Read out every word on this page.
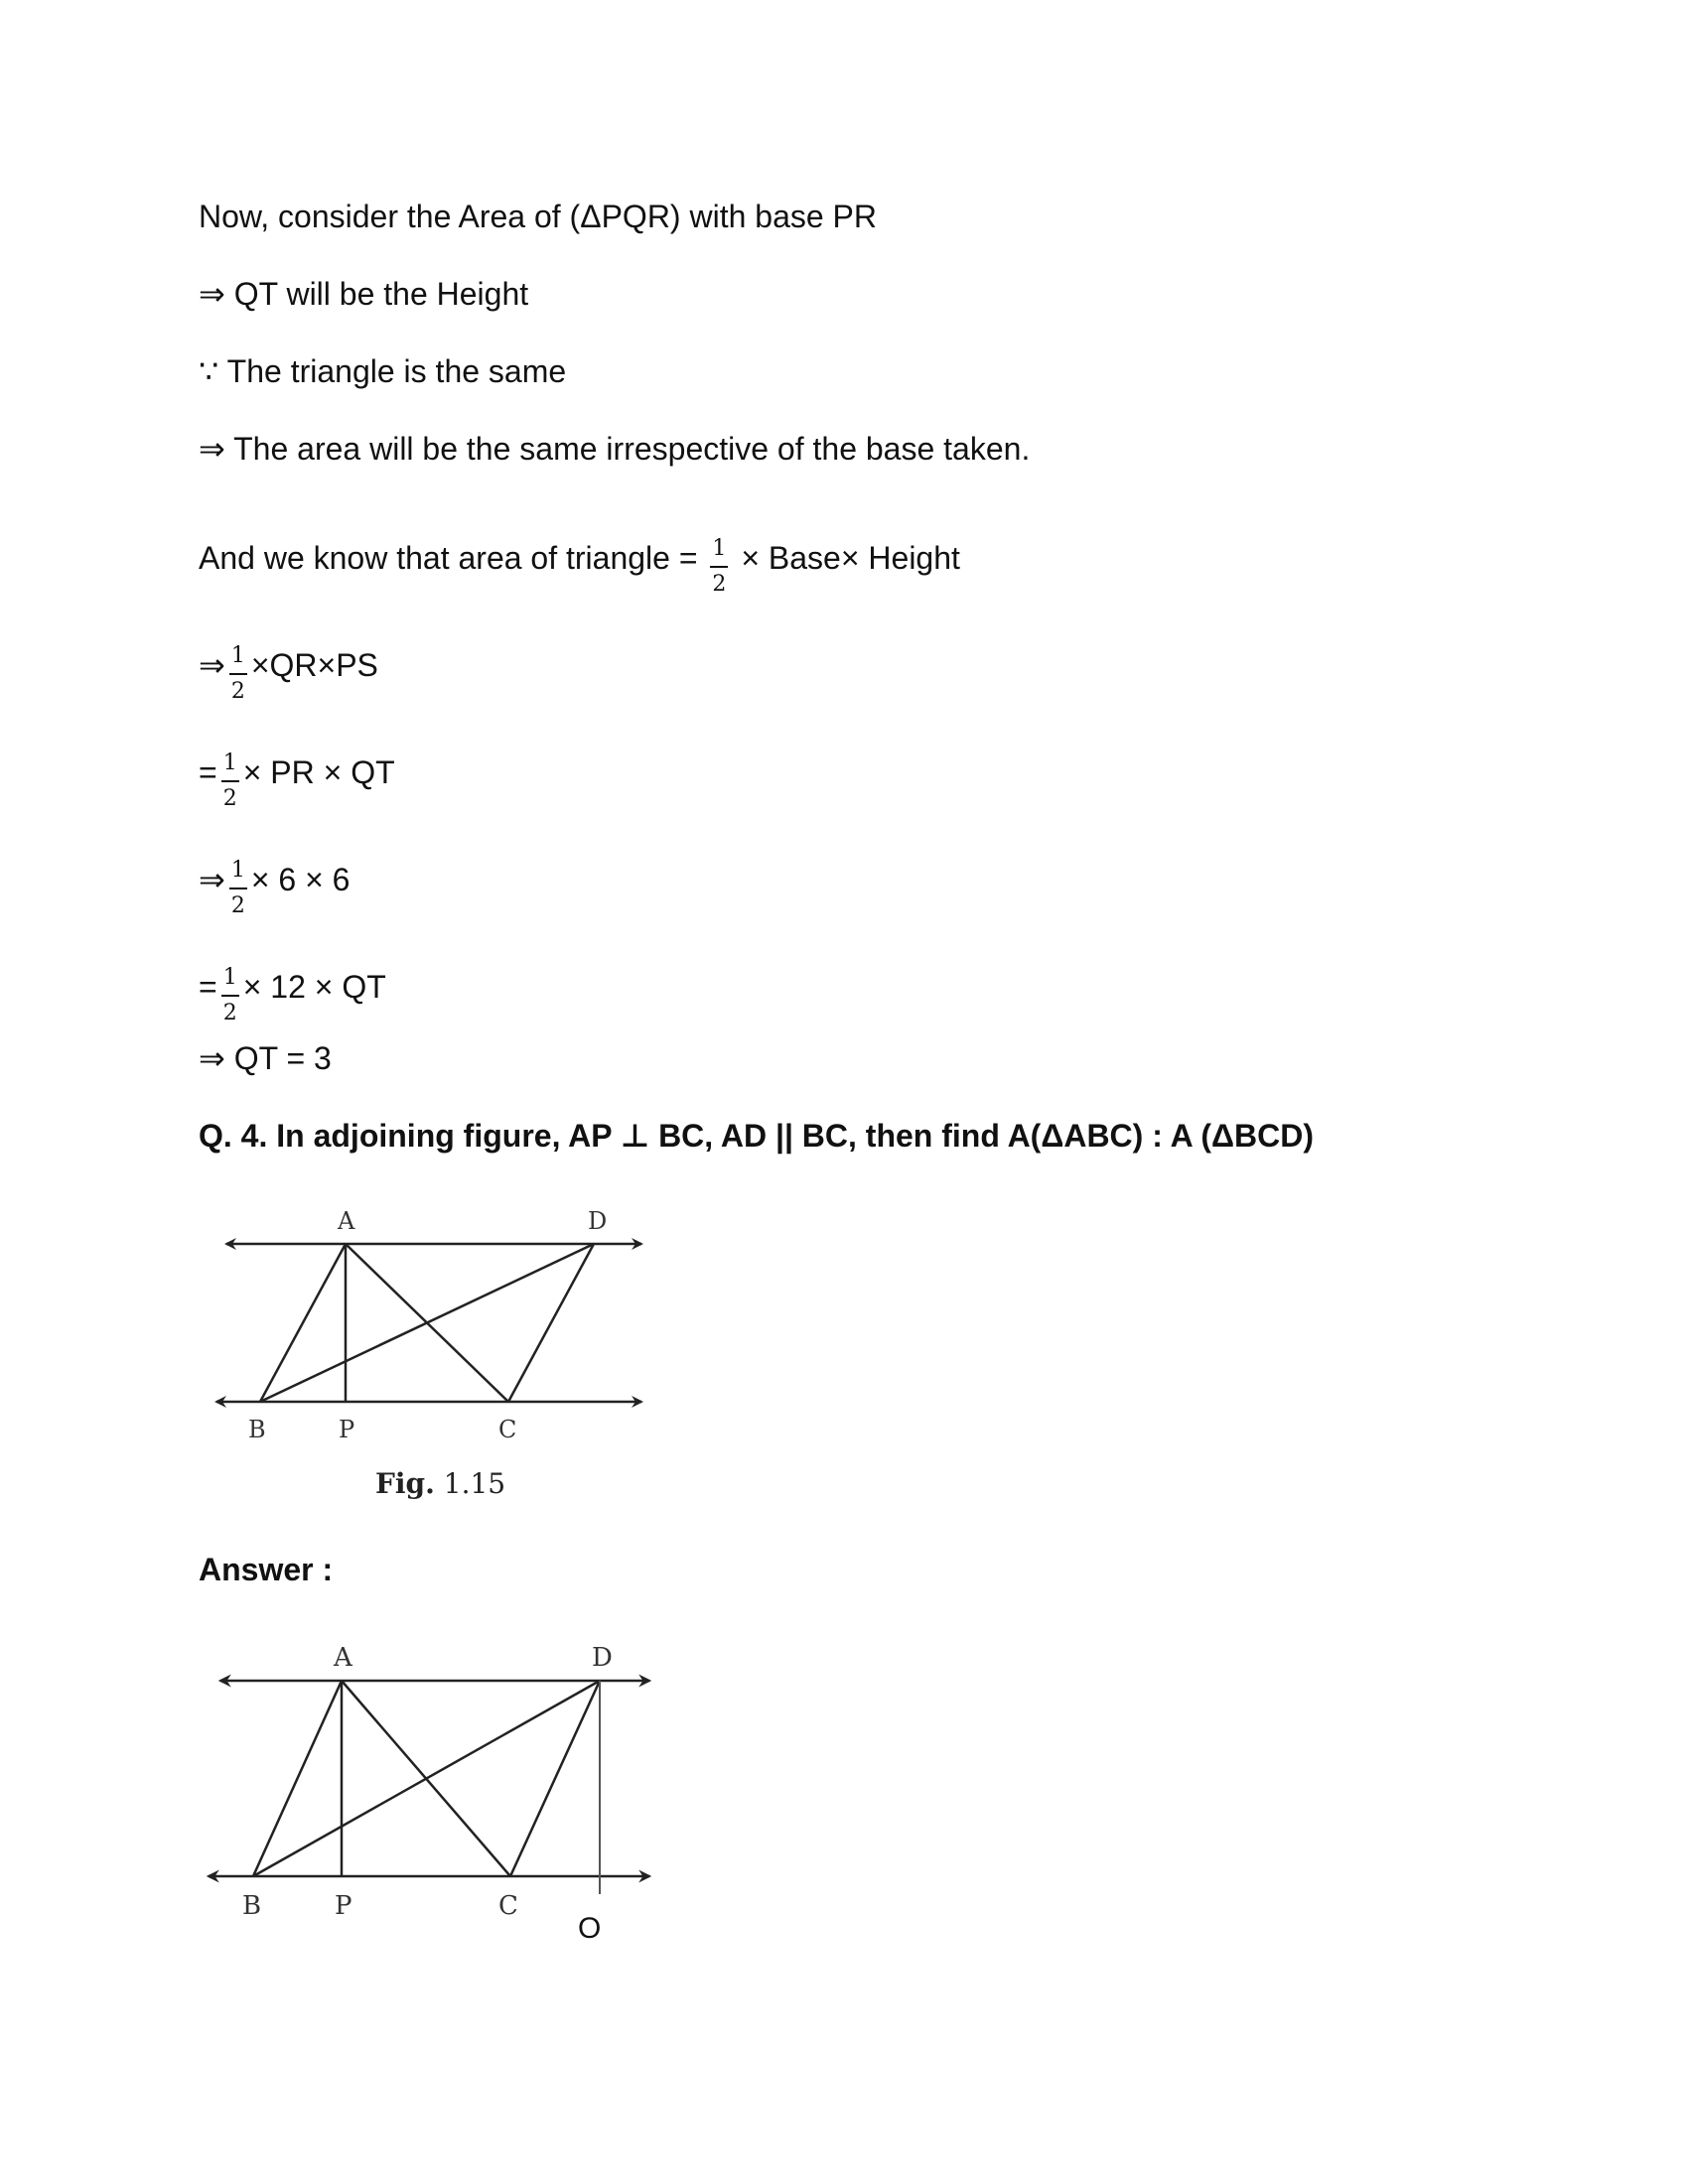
Now, consider the Area of (ΔPQR) with base PR
⇒ QT will be the Height
∵ The triangle is the same
⇒ The area will be the same irrespective of the base taken.
And we know that area of triangle = $\frac{1}{2}$ × Base× Height
⇒ $\frac{1}{2} \times QR\times PS$
= $\frac{1}{2}$ × PR × QT
⇒ $\frac{1}{2} \times 6 \times 6$
= $\frac{1}{2} \times 12$ × QT
⇒ QT = 3
Q. 4. In adjoining figure, AP ⊥ BC, AD || BC, then find A(ΔABC) : A (ΔBCD)
A	D
B	P	C
Fig. 1.15
Answer :
A	D
B	P	C
O
